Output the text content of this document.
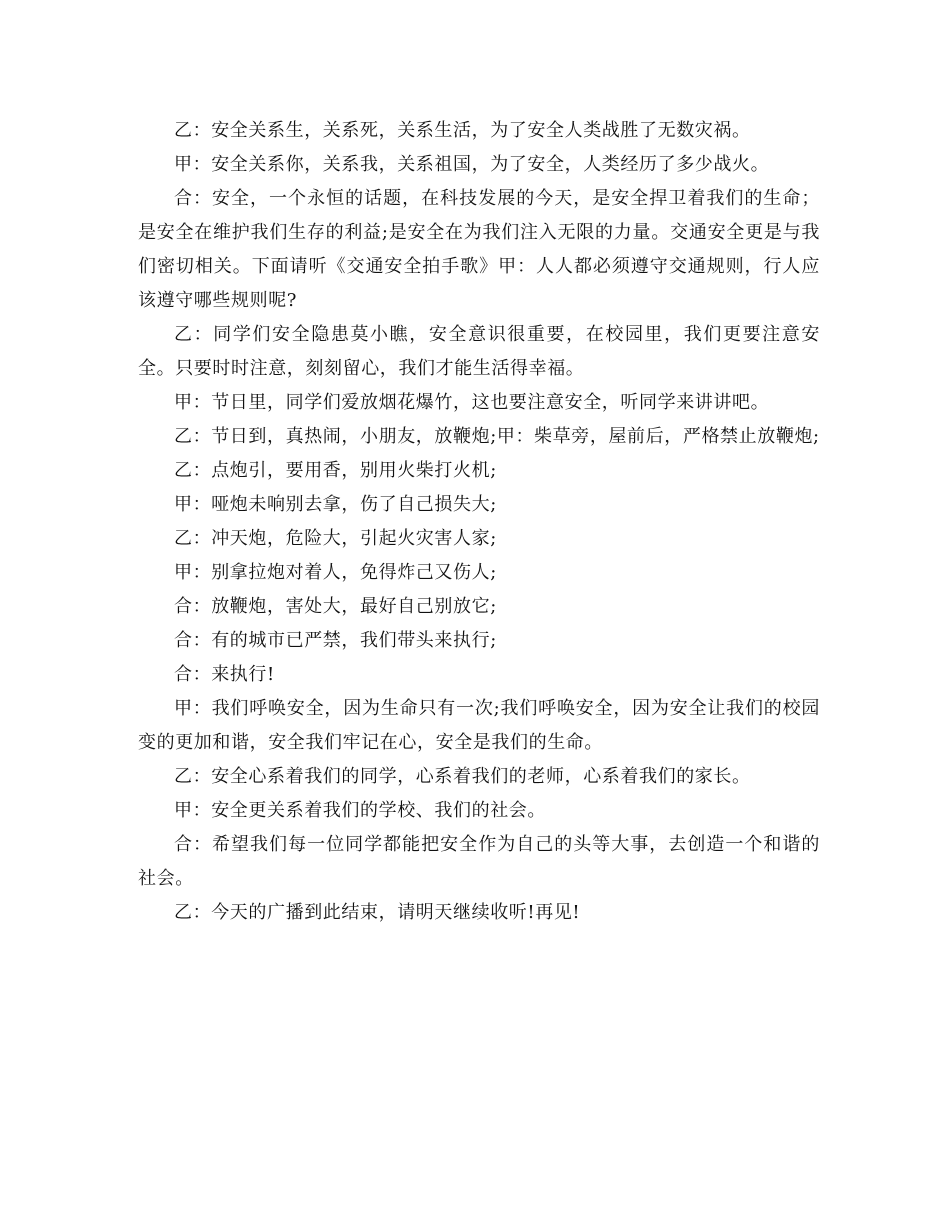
乙：安全关系生，关系死，关系生活，为了安全人类战胜了无数灾祸。

甲：安全关系你，关系我，关系祖国，为了安全，人类经历了多少战火。

合：安全，一个永恒的话题，在科技发展的今天，是安全捍卫着我们的生命；是安全在维护我们生存的利益;是安全在为我们注入无限的力量。交通安全更是与我们密切相关。下面请听《交通安全拍手歌》甲：人人都必须遵守交通规则，行人应该遵守哪些规则呢?

乙：同学们安全隐患莫小瞧，安全意识很重要，在校园里，我们更要注意安全。只要时时注意，刻刻留心，我们才能生活得幸福。

甲：节日里，同学们爱放烟花爆竹，这也要注意安全，听同学来讲讲吧。

乙：节日到，真热闹，小朋友，放鞭炮;甲：柴草旁，屋前后，严格禁止放鞭炮;

乙：点炮引，要用香，别用火柴打火机;

甲：哑炮未响别去拿，伤了自己损失大;

乙：冲天炮，危险大，引起火灾害人家;

甲：别拿拉炮对着人，免得炸己又伤人;

合：放鞭炮，害处大，最好自己别放它;

合：有的城市已严禁，我们带头来执行;

合：来执行!

甲：我们呼唤安全，因为生命只有一次;我们呼唤安全，因为安全让我们的校园变的更加和谐，安全我们牢记在心，安全是我们的生命。

乙：安全心系着我们的同学，心系着我们的老师，心系着我们的家长。

甲：安全更关系着我们的学校、我们的社会。

合：希望我们每一位同学都能把安全作为自己的头等大事，去创造一个和谐的社会。

乙：今天的广播到此结束，请明天继续收听!再见!
